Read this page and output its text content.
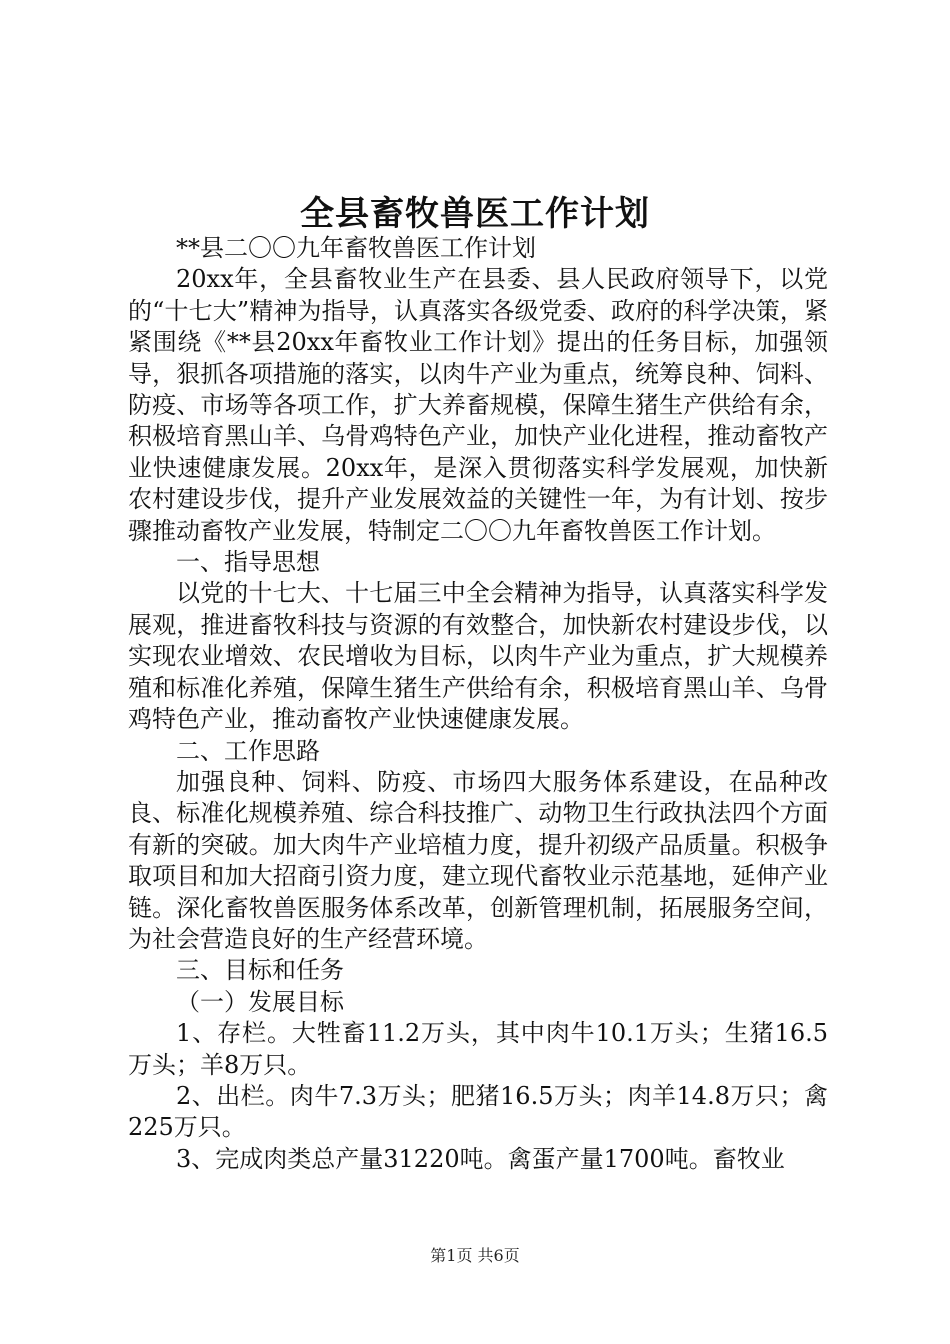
全县畜牧兽医工作计划

**县二〇〇九年畜牧兽医工作计划

20xx年，全县畜牧业生产在县委、县人民政府领导下，以党的“十七大”精神为指导，认真落实各级党委、政府的科学决策，紧紧围绕《**县20xx年畜牧业工作计划》提出的任务目标，加强领导，狠抓各项措施的落实，以肉牛产业为重点，统筹良种、饲料、防疫、市场等各项工作，扩大养畜规模，保障生猪生产供给有余，积极培育黑山羊、乌骨鸡特色产业，加快产业化进程，推动畜牧产业快速健康发展。20xx年，是深入贯彻落实科学发展观，加快新农村建设步伐，提升产业发展效益的关键性一年，为有计划、按步骤推动畜牧产业发展，特制定二〇〇九年畜牧兽医工作计划。

一、指导思想

以党的十七大、十七届三中全会精神为指导，认真落实科学发展观，推进畜牧科技与资源的有效整合，加快新农村建设步伐，以实现农业增效、农民增收为目标，以肉牛产业为重点，扩大规模养殖和标准化养殖，保障生猪生产供给有余，积极培育黑山羊、乌骨鸡特色产业，推动畜牧产业快速健康发展。

二、工作思路

加强良种、饲料、防疫、市场四大服务体系建设，在品种改良、标准化规模养殖、综合科技推广、动物卫生行政执法四个方面有新的突破。加大肉牛产业培植力度，提升初级产品质量。积极争取项目和加大招商引资力度，建立现代畜牧业示范基地，延伸产业链。深化畜牧兽医服务体系改革，创新管理机制，拓展服务空间，为社会营造良好的生产经营环境。

三、目标和任务

（一）发展目标

1、存栏。大牲畜11.2万头，其中肉牛10.1万头；生猪16.5万头；羊8万只。

2、出栏。肉牛7.3万头；肥猪16.5万头；肉羊14.8万只；禽225万只。

3、完成肉类总产量31220吨。禽蛋产量1700吨。畜牧业

第1页 共6页
